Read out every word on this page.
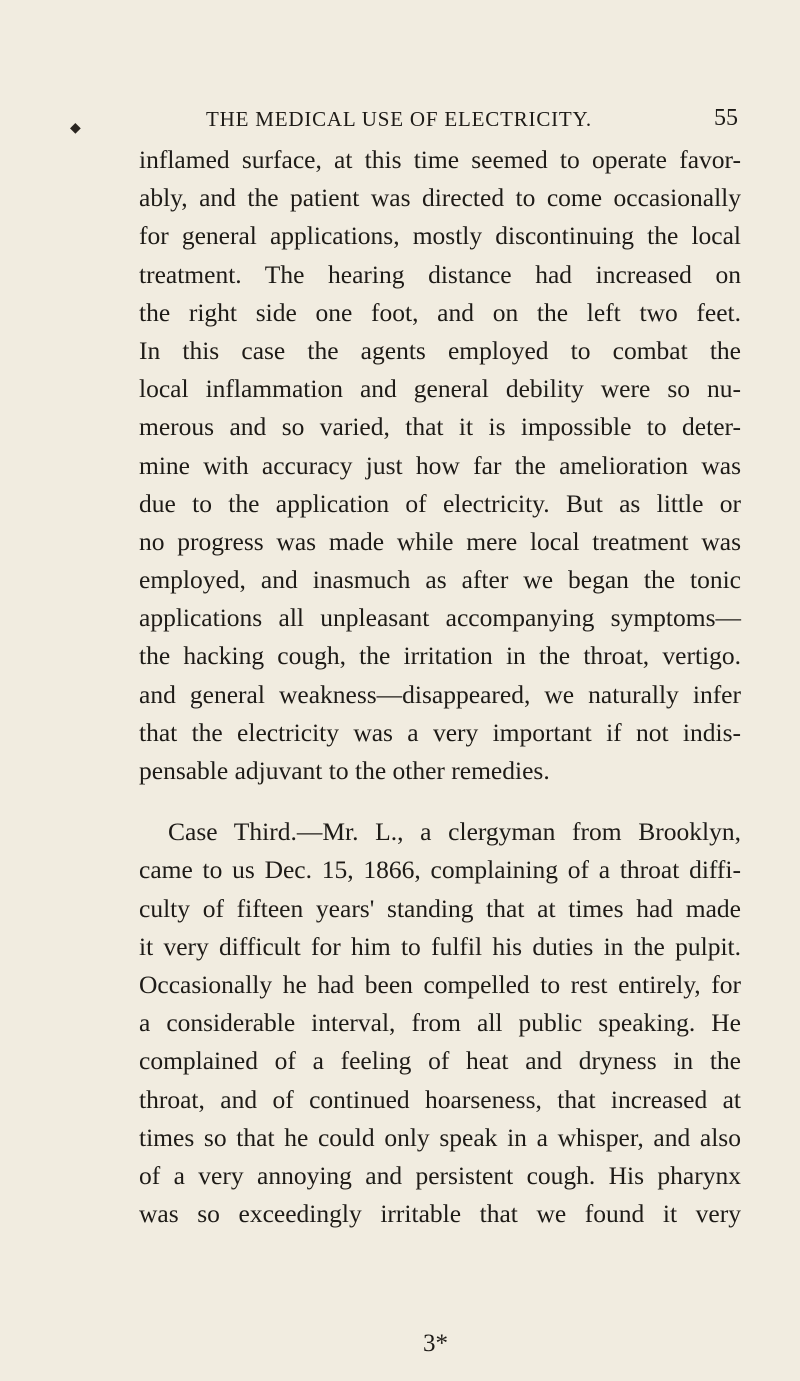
◆	THE MEDICAL USE OF ELECTRICITY.	55
inflamed surface, at this time seemed to operate favor-
ably, and the patient was directed to come occasionally
for general applications, mostly discontinuing the local
treatment. The hearing distance had increased on
the right side one foot, and on the left two feet.
In this case the agents employed to combat the
local inflammation and general debility were so nu-
merous and so varied, that it is impossible to deter-
mine with accuracy just how far the amelioration was
due to the application of electricity. But as little or
no progress was made while mere local treatment was
employed, and inasmuch as after we began the tonic
applications all unpleasant accompanying symptoms—
the hacking cough, the irritation in the throat, vertigo.
and general weakness—disappeared, we naturally infer
that the electricity was a very important if not indis-
pensable adjuvant to the other remedies.
Case Third.—Mr. L., a clergyman from Brooklyn,
came to us Dec. 15, 1866, complaining of a throat diffi-
culty of fifteen years' standing that at times had made
it very difficult for him to fulfil his duties in the pulpit.
Occasionally he had been compelled to rest entirely, for
a considerable interval, from all public speaking. He
complained of a feeling of heat and dryness in the
throat, and of continued hoarseness, that increased at
times so that he could only speak in a whisper, and also
of a very annoying and persistent cough. His pharynx
was so exceedingly irritable that we found it very
3*
